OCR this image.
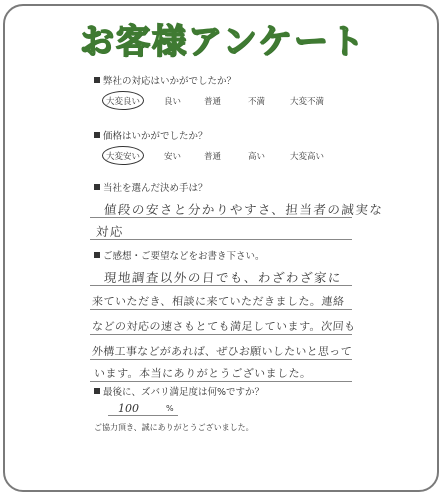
お客様アンケート
弊社の対応はいかがでしたか？
大変良い	良い	普通	不満	大変不満
価格はいかがでしたか？
大変安い	安い	普通	高い	大変高い
当社を選んだ決め手は？
値段の安さと分かりやすさ、担当者の誠実な
対応
ご感想・ご要望などをお書き下さい。
現地調査以外の日でも、わざわざ家に
来ていただき、相談に来ていただきました。連絡
などの対応の速さもとても満足しています。次回も
外構工事などがあれば、ぜひお願いしたいと思って
います。本当にありがとうございました。
最後に、ズバリ満足度は何%ですか？
100	%
ご協力頂き、誠にありがとうございました。
